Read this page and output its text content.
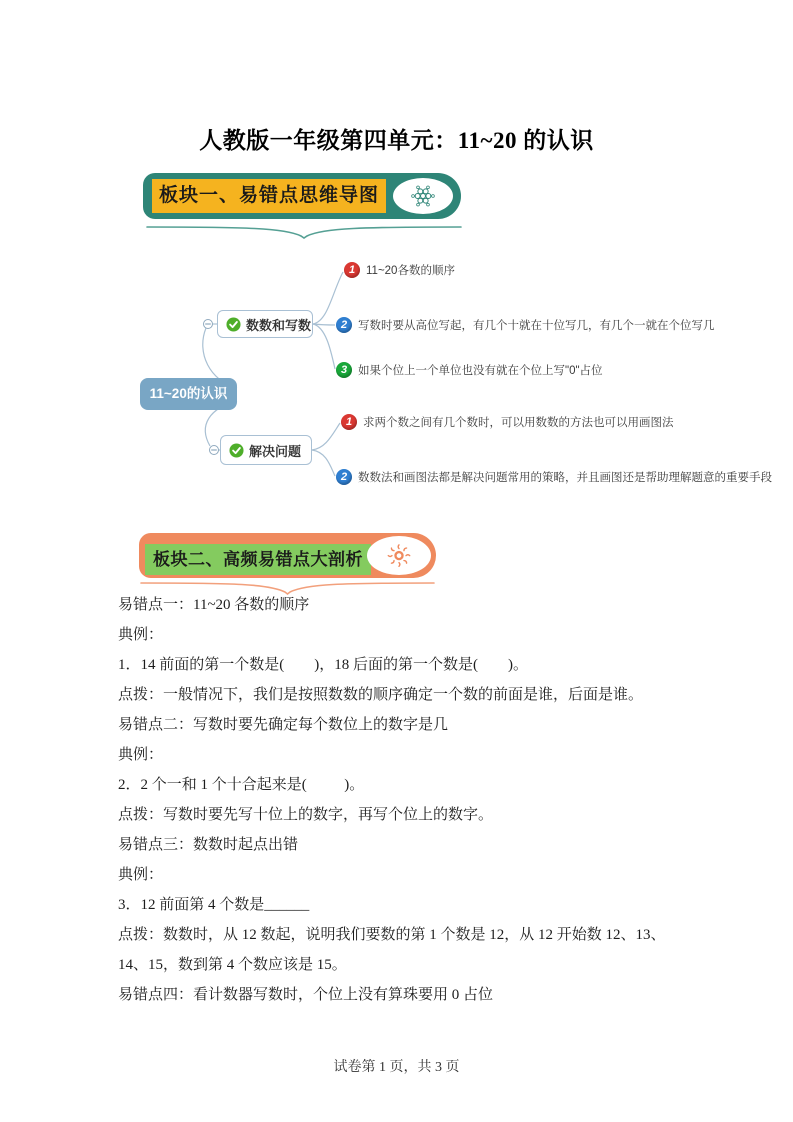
人教版一年级第四单元：11~20 的认识
板块一、易错点思维导图
11~20的认识
数数和写数
解决问题
1 11~20各数的顺序
2 写数时要从高位写起，有几个十就在十位写几，有几个一就在个位写几
3 如果个位上一个单位也没有就在个位上写"0"占位
1 求两个数之间有几个数时，可以用数数的方法也可以用画图法
2 数数法和画图法都是解决问题常用的策略，并且画图还是帮助理解题意的重要手段
板块二、高频易错点大剖析

易错点一：11~20 各数的顺序

典例：

1．14 前面的第一个数是(        )，18 后面的第一个数是(        )。

点拨：一般情况下，我们是按照数数的顺序确定一个数的前面是谁，后面是谁。

易错点二：写数时要先确定每个数位上的数字是几

典例：

2．2 个一和 1 个十合起来是(          )。

点拨：写数时要先写十位上的数字，再写个位上的数字。

易错点三：数数时起点出错

典例：

3．12 前面第 4 个数是______

点拨：数数时，从 12 数起，说明我们要数的第 1 个数是 12，从 12 开始数 12、13、14、15，数到第 4 个数应该是 15。

易错点四：看计数器写数时，个位上没有算珠要用 0 占位

试卷第 1 页，共 3 页
